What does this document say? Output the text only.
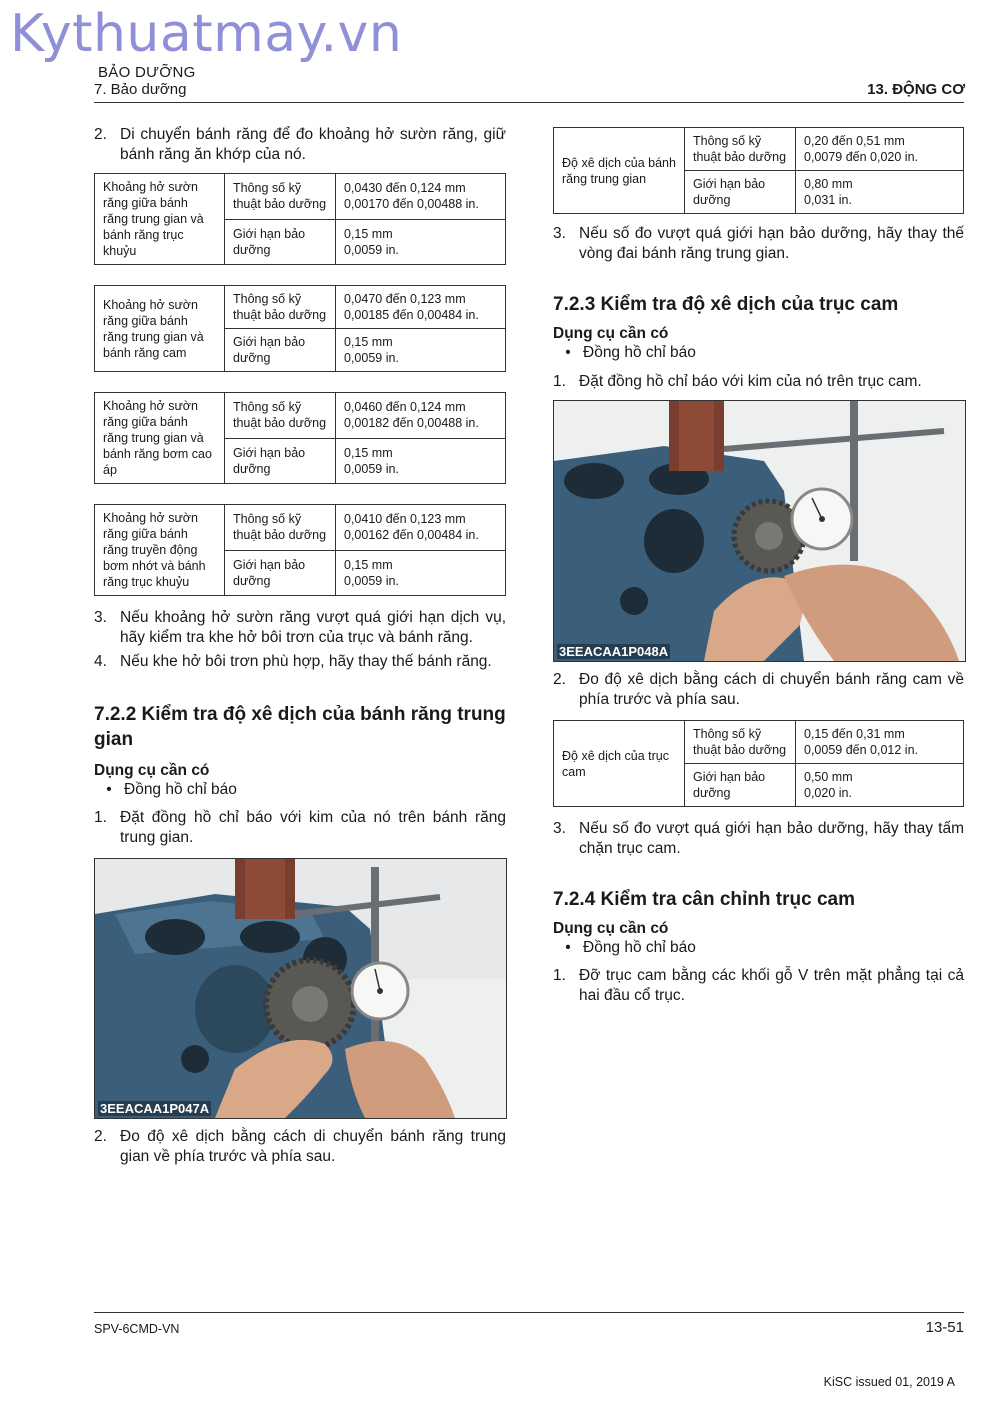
Kythuatmay.vn
BẢO DƯỠNG
7. Bảo dưỡng	13. ĐỘNG CƠ
2. Di chuyển bánh răng để đo khoảng hở sườn răng, giữ bánh răng ăn khớp của nó.
Khoảng hở sườn răng giữa bánh răng trung gian và bánh răng trục khuỷu	Thông số kỹ thuật bảo dưỡng	0,0430 đến 0,124 mm
0,00170 đến 0,00488 in.
	Giới hạn bảo dưỡng	0,15 mm
0,0059 in.
Khoảng hở sườn răng giữa bánh răng trung gian và bánh răng cam	Thông số kỹ thuật bảo dưỡng	0,0470 đến 0,123 mm
0,00185 đến 0,00484 in.
	Giới hạn bảo dưỡng	0,15 mm
0,0059 in.
Khoảng hở sườn răng giữa bánh răng trung gian và bánh răng bơm cao áp	Thông số kỹ thuật bảo dưỡng	0,0460 đến 0,124 mm
0,00182 đến 0,00488 in.
	Giới hạn bảo dưỡng	0,15 mm
0,0059 in.
Khoảng hở sườn răng giữa bánh răng truyền động bơm nhớt và bánh răng trục khuỷu	Thông số kỹ thuật bảo dưỡng	0,0410 đến 0,123 mm
0,00162 đến 0,00484 in.
	Giới hạn bảo dưỡng	0,15 mm
0,0059 in.
3. Nếu khoảng hở sườn răng vượt quá giới hạn dịch vụ, hãy kiểm tra khe hở bôi trơn của trục và bánh răng.
4. Nếu khe hở bôi trơn phù hợp, hãy thay thế bánh răng.
7.2.2 Kiểm tra độ xê dịch của bánh răng trung gian
Dụng cụ cần có
• Đồng hồ chỉ báo
1. Đặt đồng hồ chỉ báo với kim của nó trên bánh răng trung gian.
3EEACAA1P047A
2. Đo độ xê dịch bằng cách di chuyển bánh răng trung gian về phía trước và phía sau.
Độ xê dịch của bánh răng trung gian	Thông số kỹ thuật bảo dưỡng	0,20 đến 0,51 mm
0,0079 đến 0,020 in.
	Giới hạn bảo dưỡng	0,80 mm
0,031 in.
3. Nếu số đo vượt quá giới hạn bảo dưỡng, hãy thay thế vòng đai bánh răng trung gian.
7.2.3 Kiểm tra độ xê dịch của trục cam
Dụng cụ cần có
• Đồng hồ chỉ báo
1. Đặt đồng hồ chỉ báo với kim của nó trên trục cam.
3EEACAA1P048A
2. Đo độ xê dịch bằng cách di chuyển bánh răng cam về phía trước và phía sau.
Độ xê dịch của trục cam	Thông số kỹ thuật bảo dưỡng	0,15 đến 0,31 mm
0,0059 đến 0,012 in.
	Giới hạn bảo dưỡng	0,50 mm
0,020 in.
3. Nếu số đo vượt quá giới hạn bảo dưỡng, hãy thay tấm chặn trục cam.
7.2.4 Kiểm tra cân chỉnh trục cam
Dụng cụ cần có
• Đồng hồ chỉ báo
1. Đỡ trục cam bằng các khối gỗ V trên mặt phẳng tại cả hai đầu cổ trục.
SPV-6CMD-VN	13-51
KiSC issued 01, 2019 A
